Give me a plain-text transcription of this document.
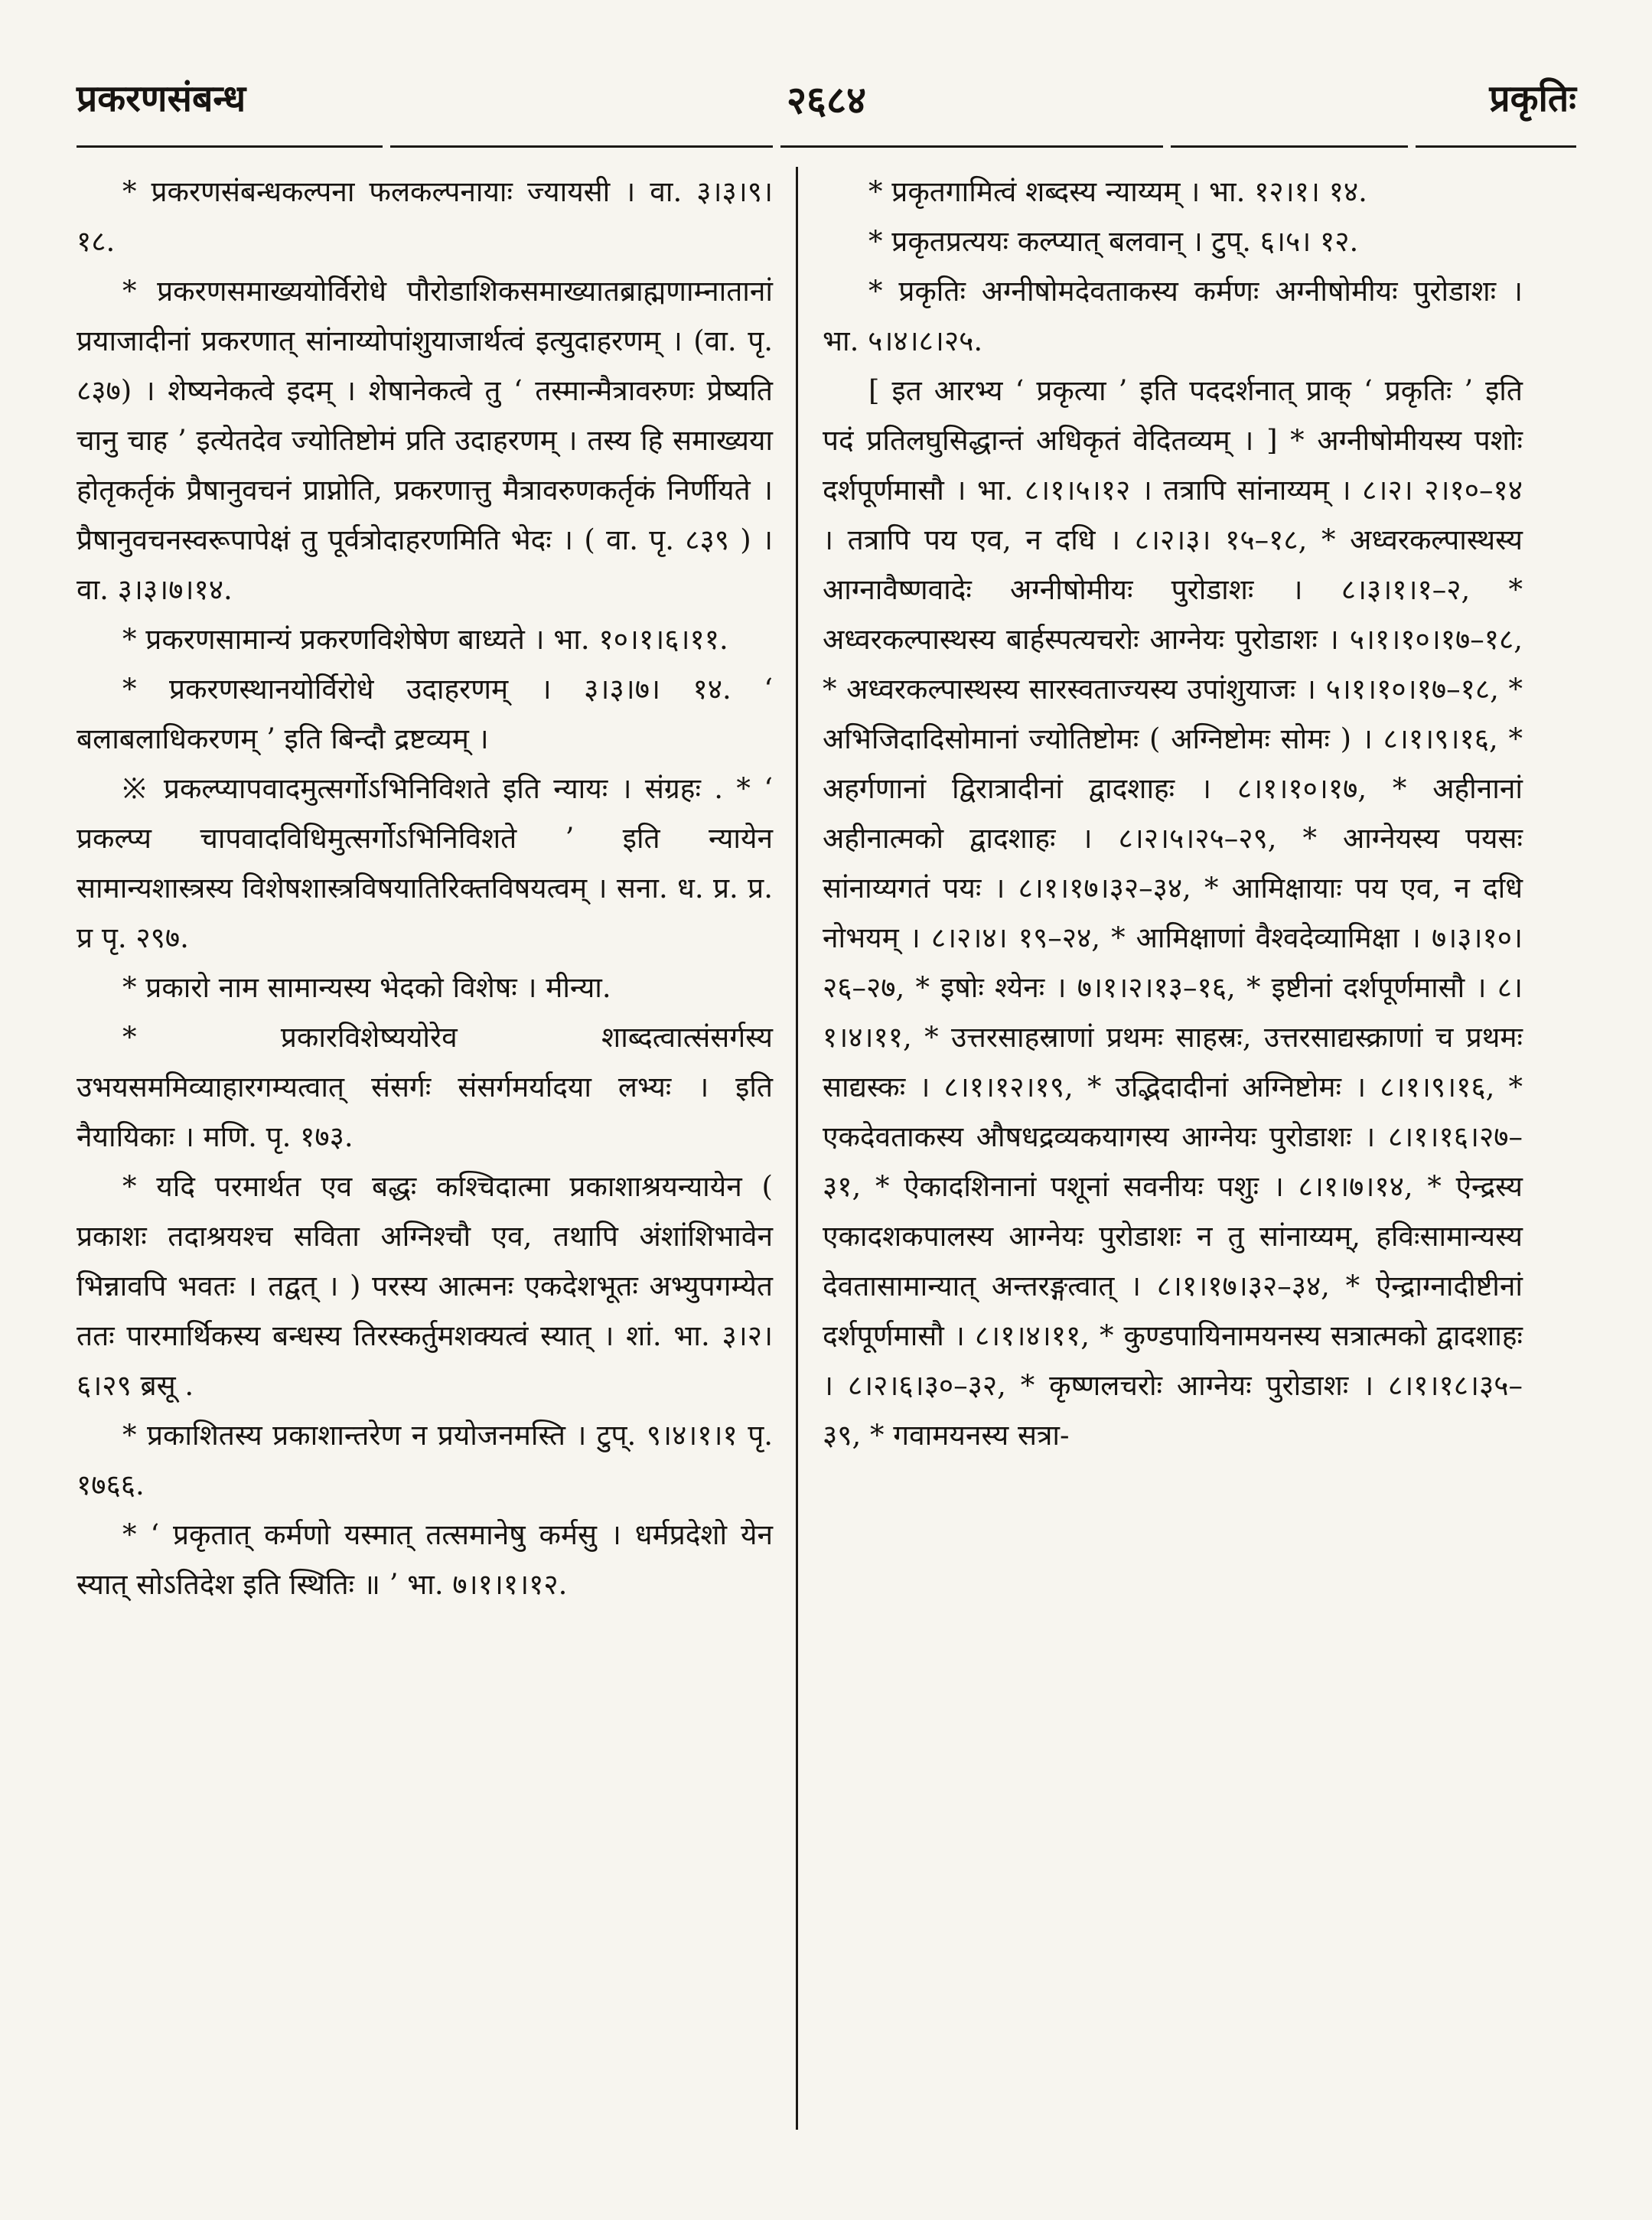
प्रकरणसंबन्ध	२६८४	प्रकृतिः

* प्रकरणसंबन्धकल्पना फलकल्पनायाः ज्यायसी । वा. ३।३।९।१८.

* प्रकरणसमाख्ययोर्विरोधे पौरोडाशिकसमाख्यातब्राह्मणाम्नातानां प्रयाजादीनां प्रकरणात् सांनाय्योपांशुयाजार्थत्वं इत्युदाहरणम् । (वा. पृ. ८३७) । शेष्यनेकत्वे इदम् । शेषानेकत्वे तु ‘ तस्मान्मैत्रावरुणः प्रेष्यति चानु चाह ’ इत्येतदेव ज्योतिष्टोमं प्रति उदाहरणम् । तस्य हि समाख्यया होतृकर्तृकं प्रैषानुवचनं प्राप्नोति, प्रकरणात्तु मैत्रावरुणकर्तृकं निर्णीयते । प्रैषानुवचनस्वरूपापेक्षं तु पूर्वत्रोदाहरणमिति भेदः । ( वा. पृ. ८३९ ) । वा. ३।३।७।१४.

* प्रकरणसामान्यं प्रकरणविशेषेण बाध्यते । भा. १०।१।६।११.

* प्रकरणस्थानयोर्विरोधे उदाहरणम् । ३।३।७। १४. ‘ बलाबलाधिकरणम् ’ इति बिन्दौ द्रष्टव्यम् ।

※ प्रकल्प्यापवादमुत्सर्गोऽभिनिविशते इति न्यायः । संग्रहः . * ‘ प्रकल्प्य चापवादविधिमुत्सर्गोऽभिनिविशते ’ इति न्यायेन सामान्यशास्त्रस्य विशेषशास्त्रविषयातिरिक्तविषयत्वम् । सना. ध. प्र. प्र. प्र पृ. २९७.

* प्रकारो नाम सामान्यस्य भेदको विशेषः । मीन्या.

* प्रकारविशेष्ययोरेव शाब्दत्वात्संसर्गस्य उभयसममिव्याहारगम्यत्वात् संसर्गः संसर्गमर्यादया लभ्यः । इति नैयायिकाः । मणि. पृ. १७३.

* यदि परमार्थत एव बद्धः कश्चिदात्मा प्रकाशाश्रयन्यायेन ( प्रकाशः तदाश्रयश्च सविता अग्निश्चौ एव, तथापि अंशांशिभावेन भिन्नावपि भवतः । तद्वत् । ) परस्य आत्मनः एकदेशभूतः अभ्युपगम्येत ततः पारमार्थिकस्य बन्धस्य तिरस्कर्तुमशक्यत्वं स्यात् । शां. भा. ३।२।६।२९ ब्रसू .

* प्रकाशितस्य प्रकाशान्तरेण न प्रयोजनमस्ति । टुप्. ९।४।१।१ पृ. १७६६.

* ‘ प्रकृतात् कर्मणो यस्मात् तत्समानेषु कर्मसु । धर्मप्रदेशो येन स्यात् सोऽतिदेश इति स्थितिः ॥ ’ भा. ७।१।१।१२.

* प्रकृतगामित्वं शब्दस्य न्याय्यम् । भा. १२।१। १४.

* प्रकृतप्रत्ययः कल्प्यात् बलवान् । टुप्. ६।५। १२.

* प्रकृतिः अग्नीषोमदेवताकस्य कर्मणः अग्नीषोमीयः पुरोडाशः । भा. ५।४।८।२५.

[ इत आरभ्य ‘ प्रकृत्या ’ इति पददर्शनात् प्राक् ‘ प्रकृतिः ’ इति पदं प्रतिलघुसिद्धान्तं अधिकृतं वेदितव्यम् । ] * अग्नीषोमीयस्य पशोः दर्शपूर्णमासौ । भा. ८।१।५।१२ । तत्रापि सांनाय्यम् । ८।२। २।१०–१४ । तत्रापि पय एव, न दधि । ८।२।३। १५–१८, * अध्वरकल्पास्थस्य आग्नावैष्णवादेः अग्नीषोमीयः पुरोडाशः । ८।३।१।१–२, * अध्वरकल्पास्थस्य बार्हस्पत्यचरोः आग्नेयः पुरोडाशः । ५।१।१०।१७–१८, * अध्वरकल्पास्थस्य सारस्वताज्यस्य उपांशुयाजः । ५।१।१०।१७–१८, * अभिजिदादिसोमानां ज्योतिष्टोमः ( अग्निष्टोमः सोमः ) । ८।१।९।१६, * अहर्गणानां द्विरात्रादीनां द्वादशाहः । ८।१।१०।१७, * अहीनानां अहीनात्मको द्वादशाहः । ८।२।५।२५–२९, * आग्नेयस्य पयसः सांनाय्यगतं पयः । ८।१।१७।३२–३४, * आमिक्षायाः पय एव, न दधि नोभयम् । ८।२।४। १९–२४, * आमिक्षाणां वैश्वदेव्यामिक्षा । ७।३।१०। २६–२७, * इषोः श्येनः । ७।१।२।१३–१६, * इष्टीनां दर्शपूर्णमासौ । ८।१।४।११, * उत्तरसाहस्राणां प्रथमः साहस्रः, उत्तरसाद्यस्क्राणां च प्रथमः साद्यस्कः । ८।१।१२।१९, * उद्भिदादीनां अग्निष्टोमः । ८।१।९।१६, * एकदेवताकस्य औषधद्रव्यकयागस्य आग्नेयः पुरोडाशः । ८।१।१६।२७–३१, * ऐकादशिनानां पशूनां सवनीयः पशुः । ८।१।७।१४, * ऐन्द्रस्य एकादशकपालस्य आग्नेयः पुरोडाशः न तु सांनाय्यम्, हविःसामान्यस्य देवतासामान्यात् अन्तरङ्गत्वात् । ८।१।१७।३२–३४, * ऐन्द्राग्नादीष्टीनां दर्शपूर्णमासौ । ८।१।४।११, * कुण्डपायिनामयनस्य सत्रात्मको द्वादशाहः । ८।२।६।३०–३२, * कृष्णलचरोः आग्नेयः पुरोडाशः । ८।१।१८।३५–३९, * गवामयनस्य सत्रा-
